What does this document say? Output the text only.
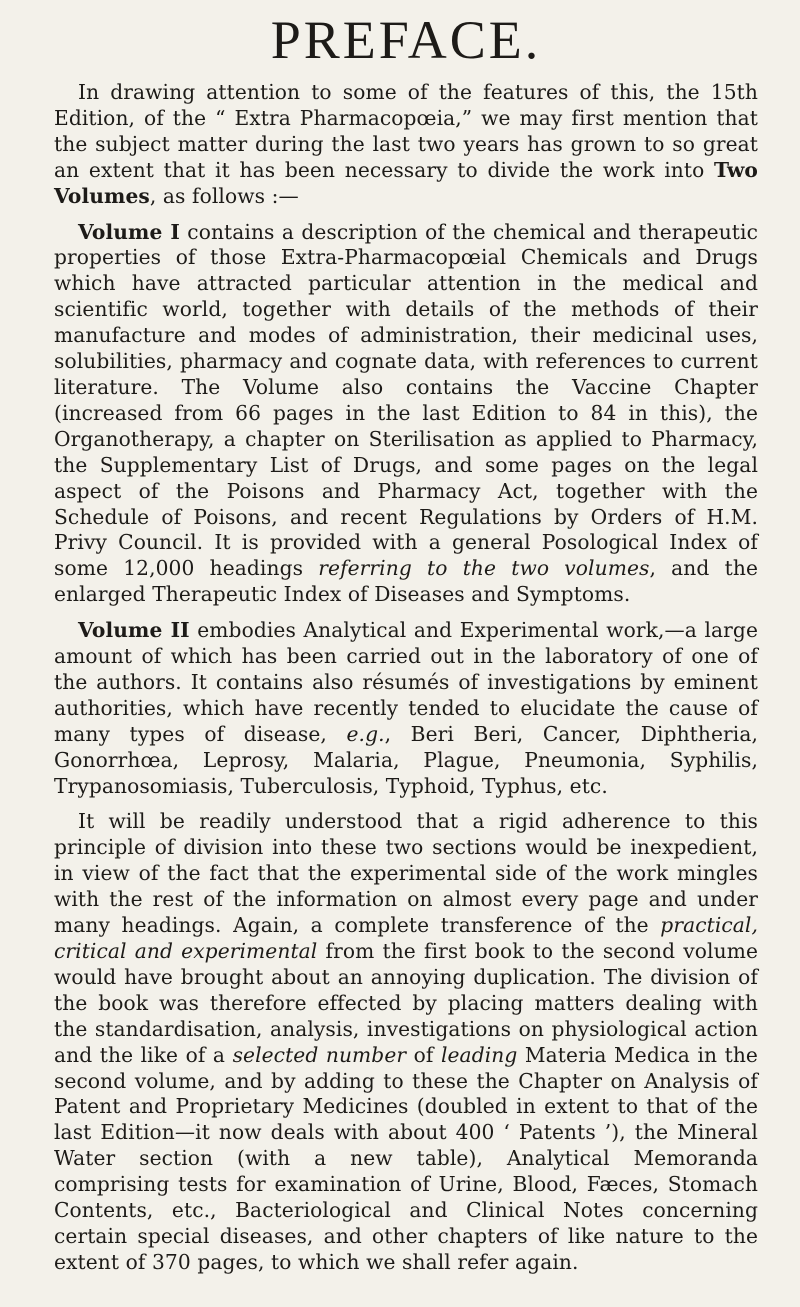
PREFACE.

In drawing attention to some of the features of this, the 15th Edition, of the “ Extra Pharmacopœia,” we may first mention that the subject matter during the last two years has grown to so great an extent that it has been necessary to divide the work into Two Volumes, as follows :—

Volume I contains a description of the chemical and therapeutic properties of those Extra-Pharmacopœial Chemicals and Drugs which have attracted particular attention in the medical and scientific world, together with details of the methods of their manufacture and modes of administration, their medicinal uses, solubilities, pharmacy and cognate data, with references to current literature. The Volume also contains the Vaccine Chapter (increased from 66 pages in the last Edition to 84 in this), the Organotherapy, a chapter on Sterilisation as applied to Pharmacy, the Supplementary List of Drugs, and some pages on the legal aspect of the Poisons and Pharmacy Act, together with the Schedule of Poisons, and recent Regulations by Orders of H.M. Privy Council. It is provided with a general Posological Index of some 12,000 headings referring to the two volumes, and the enlarged Therapeutic Index of Diseases and Symptoms.

Volume II embodies Analytical and Experimental work,—a large amount of which has been carried out in the laboratory of one of the authors. It contains also résumés of investigations by eminent authorities, which have recently tended to elucidate the cause of many types of disease, e.g., Beri Beri, Cancer, Diphtheria, Gonorrhœa, Leprosy, Malaria, Plague, Pneumonia, Syphilis, Trypanosomiasis, Tuberculosis, Typhoid, Typhus, etc.

It will be readily understood that a rigid adherence to this principle of division into these two sections would be inexpedient, in view of the fact that the experimental side of the work mingles with the rest of the information on almost every page and under many headings. Again, a complete transference of the practical, critical and experimental from the first book to the second volume would have brought about an annoying duplication. The division of the book was therefore effected by placing matters dealing with the standardisation, analysis, investigations on physiological action and the like of a selected number of leading Materia Medica in the second volume, and by adding to these the Chapter on Analysis of Patent and Proprietary Medicines (doubled in extent to that of the last Edition—it now deals with about 400 ‘ Patents ’), the Mineral Water section (with a new table), Analytical Memoranda comprising tests for examination of Urine, Blood, Fæces, Stomach Contents, etc., Bacteriological and Clinical Notes concerning certain special diseases, and other chapters of like nature to the extent of 370 pages, to which we shall refer again.
